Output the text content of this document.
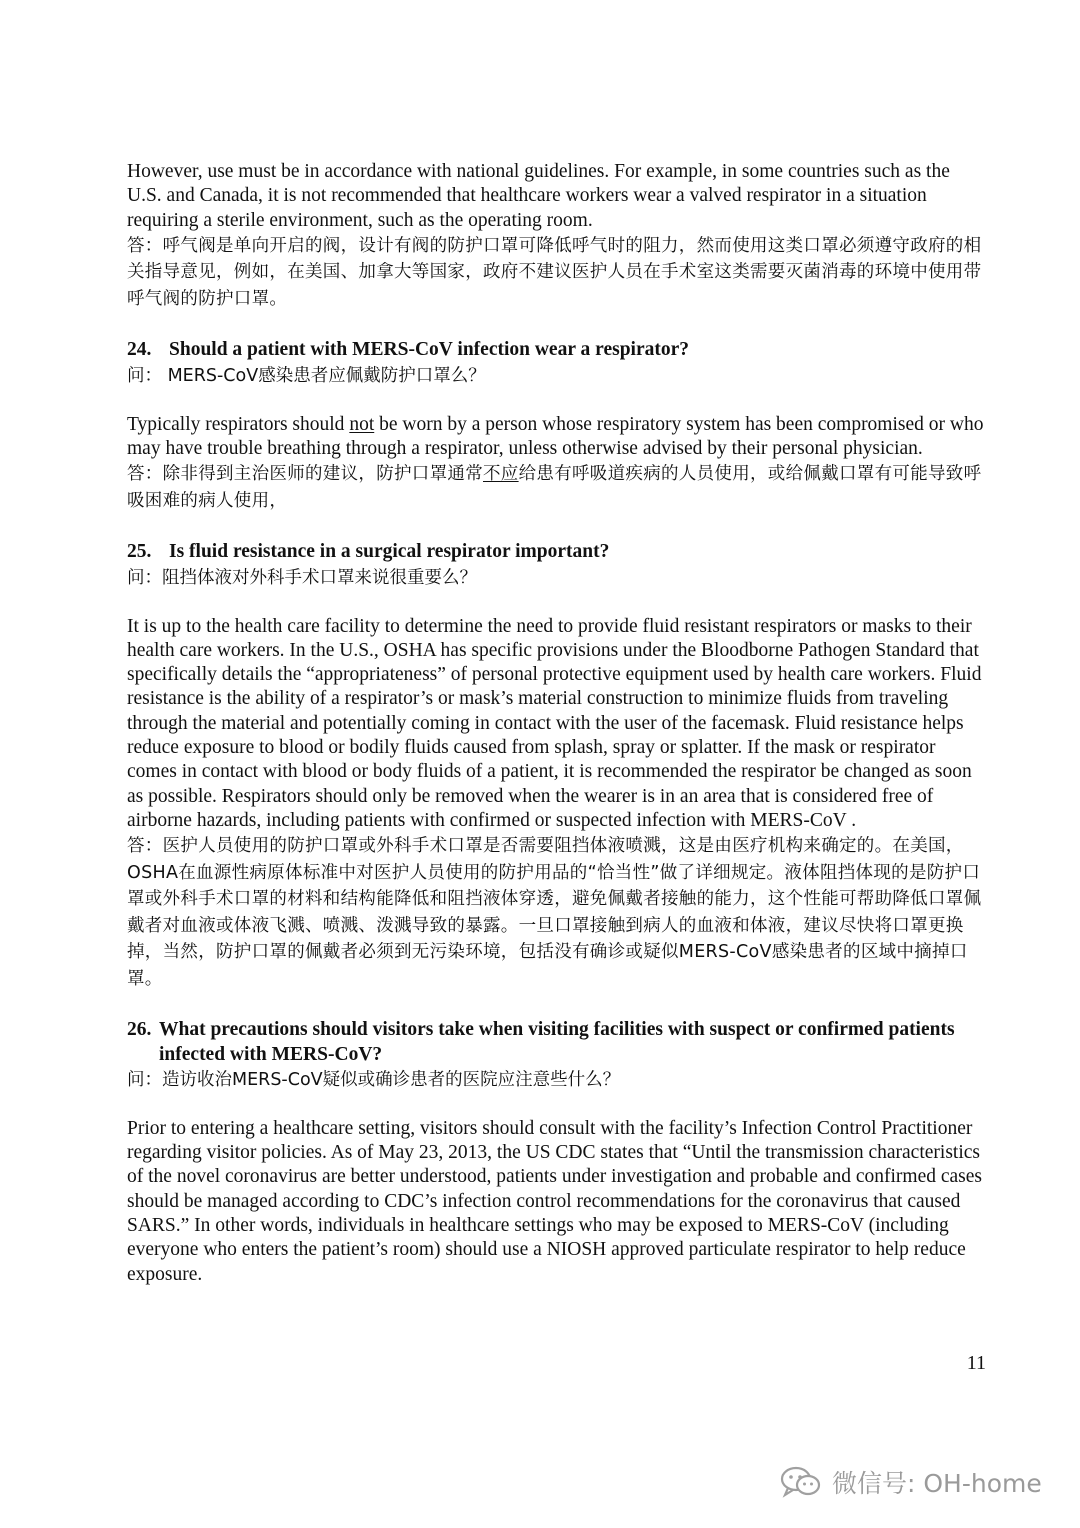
However, use must be in accordance with national guidelines. For example, in some countries such as the U.S. and Canada, it is not recommended that healthcare workers wear a valved respirator in a situation requiring a sterile environment, such as the operating room.

答：呼气阀是单向开启的阀，设计有阀的防护口罩可降低呼气时的阻力，然而使用这类口罩必须遵守政府的相关指导意见，例如，在美国、加拿大等国家，政府不建议医护人员在手术室这类需要灭菌消毒的环境中使用带呼气阀的防护口罩。

24. Should a patient with MERS-CoV infection wear a respirator?

问： MERS-CoV感染患者应佩戴防护口罩么？

Typically respirators should not be worn by a person whose respiratory system has been compromised or who may have trouble breathing through a respirator, unless otherwise advised by their personal physician.

答：除非得到主治医师的建议，防护口罩通常不应给患有呼吸道疾病的人员使用，或给佩戴口罩有可能导致呼吸困难的病人使用，

25. Is fluid resistance in a surgical respirator important?

问：阻挡体液对外科手术口罩来说很重要么？

It is up to the health care facility to determine the need to provide fluid resistant respirators or masks to their health care workers. In the U.S., OSHA has specific provisions under the Bloodborne Pathogen Standard that specifically details the “appropriateness” of personal protective equipment used by health care workers. Fluid resistance is the ability of a respirator’s or mask’s material construction to minimize fluids from traveling through the material and potentially coming in contact with the user of the facemask. Fluid resistance helps reduce exposure to blood or bodily fluids caused from splash, spray or splatter. If the mask or respirator comes in contact with blood or body fluids of a patient, it is recommended the respirator be changed as soon as possible. Respirators should only be removed when the wearer is in an area that is considered free of airborne hazards, including patients with confirmed or suspected infection with MERS-CoV .

答：医护人员使用的防护口罩或外科手术口罩是否需要阻挡体液喷溅，这是由医疗机构来确定的。在美国，OSHA在血源性病原体标准中对医护人员使用的防护用品的“恰当性”做了详细规定。液体阻挡体现的是防护口罩或外科手术口罩的材料和结构能降低和阻挡液体穿透，避免佩戴者接触的能力，这个性能可帮助降低口罩佩戴者对血液或体液飞溅、喷溅、泼溅导致的暴露。一旦口罩接触到病人的血液和体液，建议尽快将口罩更换掉，当然，防护口罩的佩戴者必须到无污染环境，包括没有确诊或疑似MERS-CoV感染患者的区域中摘掉口罩。

26. What precautions should visitors take when visiting facilities with suspect or confirmed patients infected with MERS-CoV?

问：造访收治MERS-CoV疑似或确诊患者的医院应注意些什么？

Prior to entering a healthcare setting, visitors should consult with the facility’s Infection Control Practitioner regarding visitor policies. As of May 23, 2013, the US CDC states that “Until the transmission characteristics of the novel coronavirus are better understood, patients under investigation and probable and confirmed cases should be managed according to CDC’s infection control recommendations for the coronavirus that caused SARS.” In other words, individuals in healthcare settings who may be exposed to MERS-CoV (including everyone who enters the patient’s room) should use a NIOSH approved particulate respirator to help reduce exposure.

11
微信号: OH-home
